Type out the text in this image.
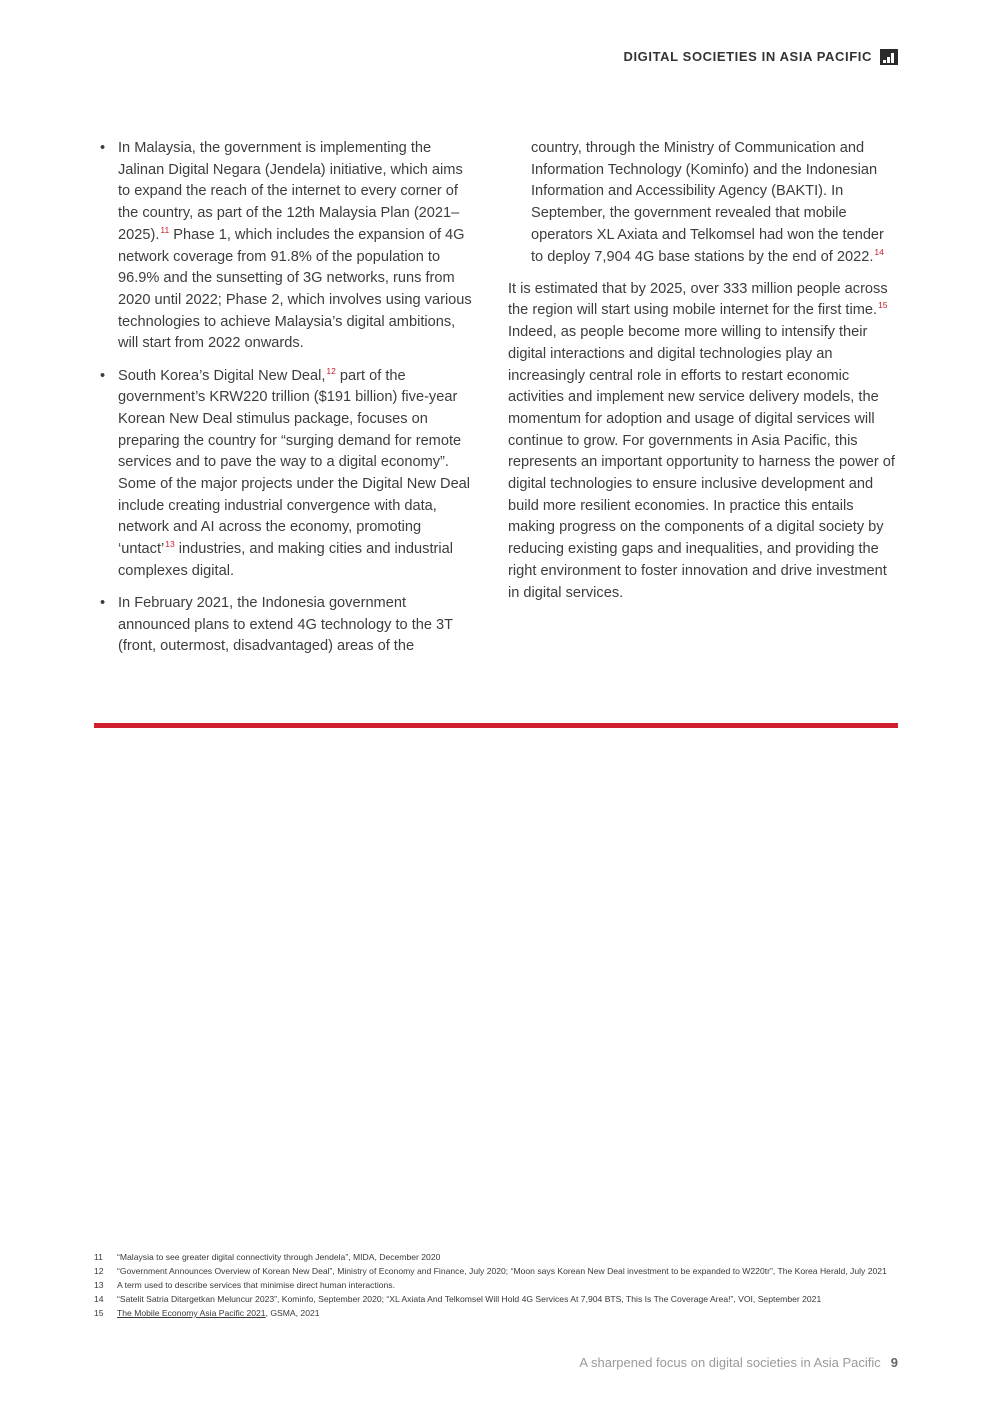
DIGITAL SOCIETIES IN ASIA PACIFIC
• In Malaysia, the government is implementing the Jalinan Digital Negara (Jendela) initiative, which aims to expand the reach of the internet to every corner of the country, as part of the 12th Malaysia Plan (2021–2025).$^{11}$ Phase 1, which includes the expansion of 4G network coverage from 91.8% of the population to 96.9% and the sunsetting of 3G networks, runs from 2020 until 2022; Phase 2, which involves using various technologies to achieve Malaysia’s digital ambitions, will start from 2022 onwards.
• South Korea’s Digital New Deal,$^{12}$ part of the government’s KRW220 trillion ($191 billion) five-year Korean New Deal stimulus package, focuses on preparing the country for “surging demand for remote services and to pave the way to a digital economy”. Some of the major projects under the Digital New Deal include creating industrial convergence with data, network and AI across the economy, promoting ‘untact’$^{13}$ industries, and making cities and industrial complexes digital.
• In February 2021, the Indonesia government announced plans to extend 4G technology to the 3T (front, outermost, disadvantaged) areas of the
country, through the Ministry of Communication and Information Technology (Kominfo) and the Indonesian Information and Accessibility Agency (BAKTI). In September, the government revealed that mobile operators XL Axiata and Telkomsel had won the tender to deploy 7,904 4G base stations by the end of 2022.14

It is estimated that by 2025, over 333 million people across the region will start using mobile internet for the first time.$^{15}$ Indeed, as people become more willing to intensify their digital interactions and digital technologies play an increasingly central role in efforts to restart economic activities and implement new service delivery models, the momentum for adoption and usage of digital services will continue to grow. For governments in Asia Pacific, this represents an important opportunity to harness the power of digital technologies to ensure inclusive development and build more resilient economies. In practice this entails making progress on the components of a digital society by reducing existing gaps and inequalities, and providing the right environment to foster innovation and drive investment in digital services.

11	“Malaysia to see greater digital connectivity through Jendela”, MIDA, December 2020
12	“Government Announces Overview of Korean New Deal”, Ministry of Economy and Finance, July 2020; “Moon says Korean New Deal investment to be expanded to W220tr”, The Korea Herald, July 2021
13	A term used to describe services that minimise direct human interactions.
14	“Satelit Satria Ditargetkan Meluncur 2023”, Kominfo, September 2020; “XL Axiata And Telkomsel Will Hold 4G Services At 7,904 BTS, This Is The Coverage Area!”, VOI, September 2021
15	The Mobile Economy Asia Pacific 2021, GSMA, 2021
A sharpened focus on digital societies in Asia Pacific 9
